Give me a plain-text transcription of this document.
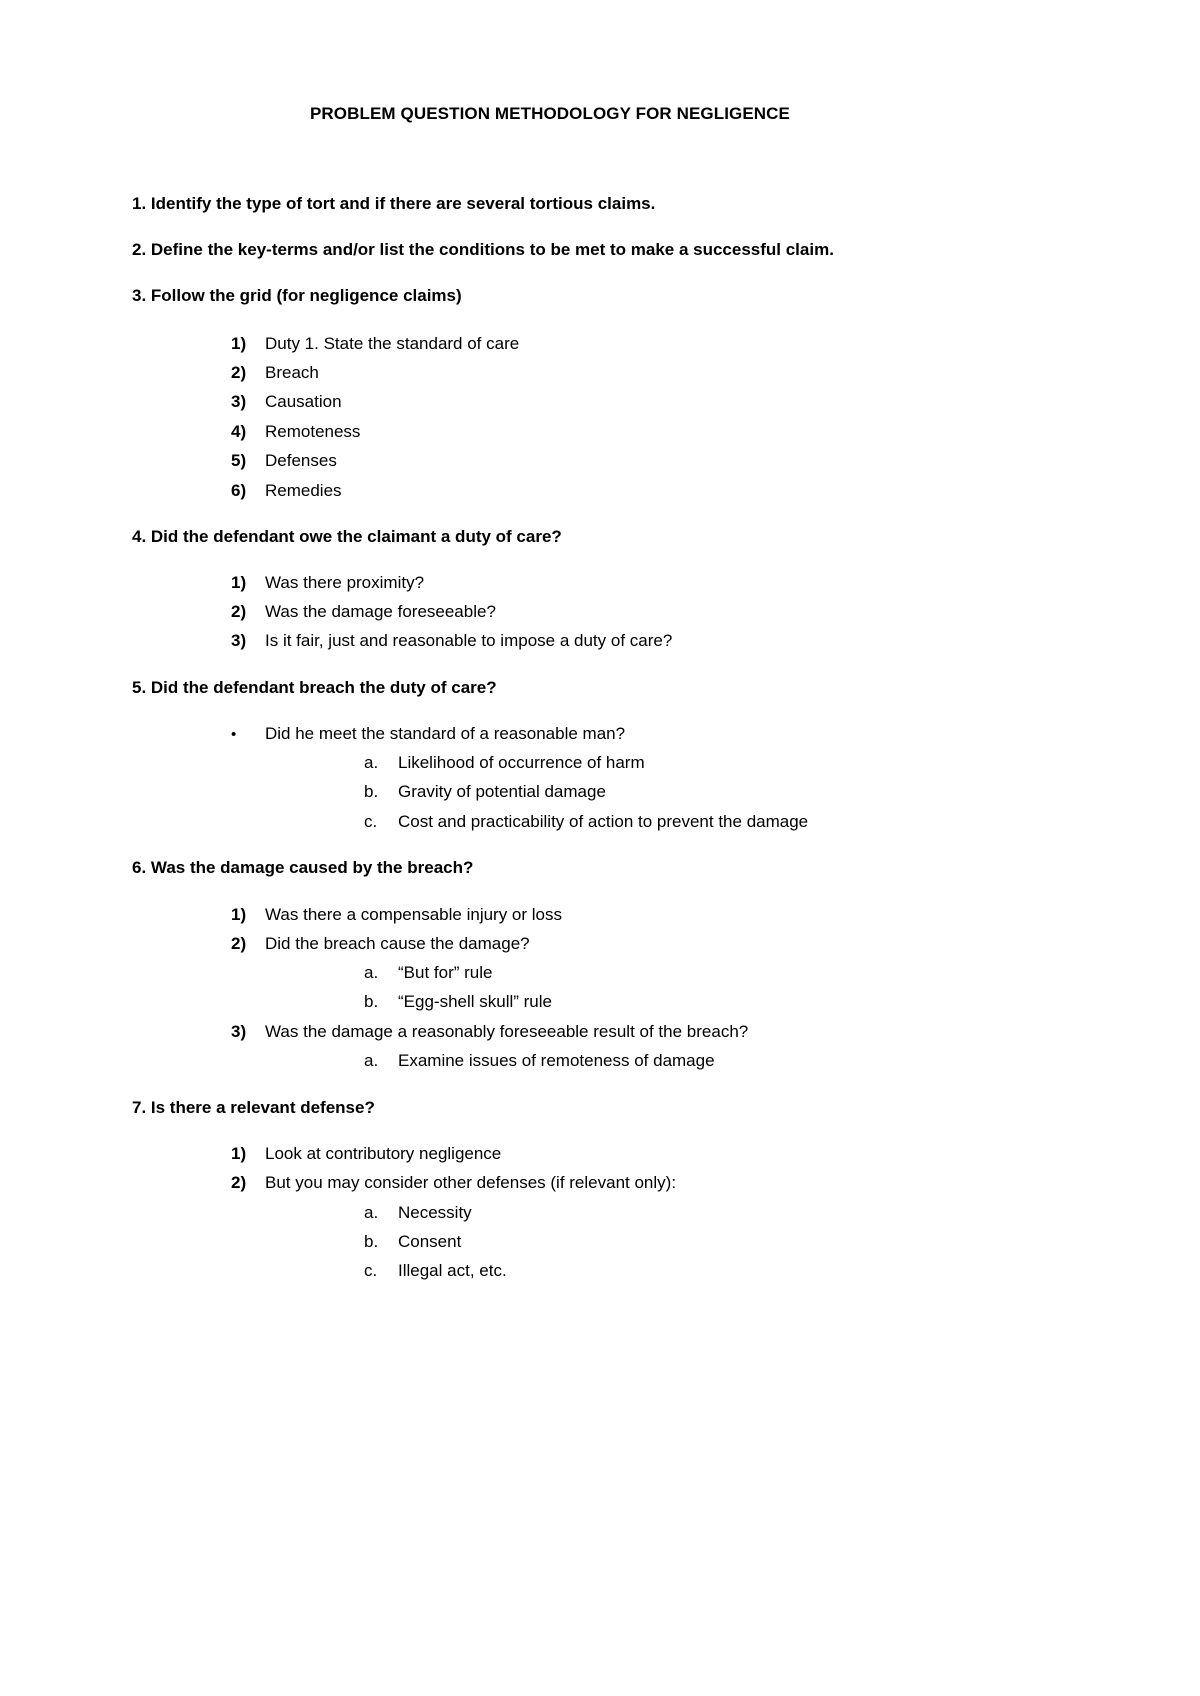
PROBLEM QUESTION METHODOLOGY FOR NEGLIGENCE
1. Identify the type of tort and if there are several tortious claims.
2. Define the key-terms and/or list the conditions to be met to make a successful claim.
3. Follow the grid (for negligence claims)
1) Duty 1. State the standard of care
2) Breach
3) Causation
4) Remoteness
5) Defenses
6) Remedies
4. Did the defendant owe the claimant a duty of care?
1) Was there proximity?
2) Was the damage foreseeable?
3) Is it fair, just and reasonable to impose a duty of care?
5. Did the defendant breach the duty of care?
• Did he meet the standard of a reasonable man?
a. Likelihood of occurrence of harm
b. Gravity of potential damage
c. Cost and practicability of action to prevent the damage
6. Was the damage caused by the breach?
1) Was there a compensable injury or loss
2) Did the breach cause the damage?
a. “But for” rule
b. “Egg-shell skull” rule
3) Was the damage a reasonably foreseeable result of the breach?
a. Examine issues of remoteness of damage
7. Is there a relevant defense?
1) Look at contributory negligence
2) But you may consider other defenses (if relevant only):
a. Necessity
b. Consent
c. Illegal act, etc.
